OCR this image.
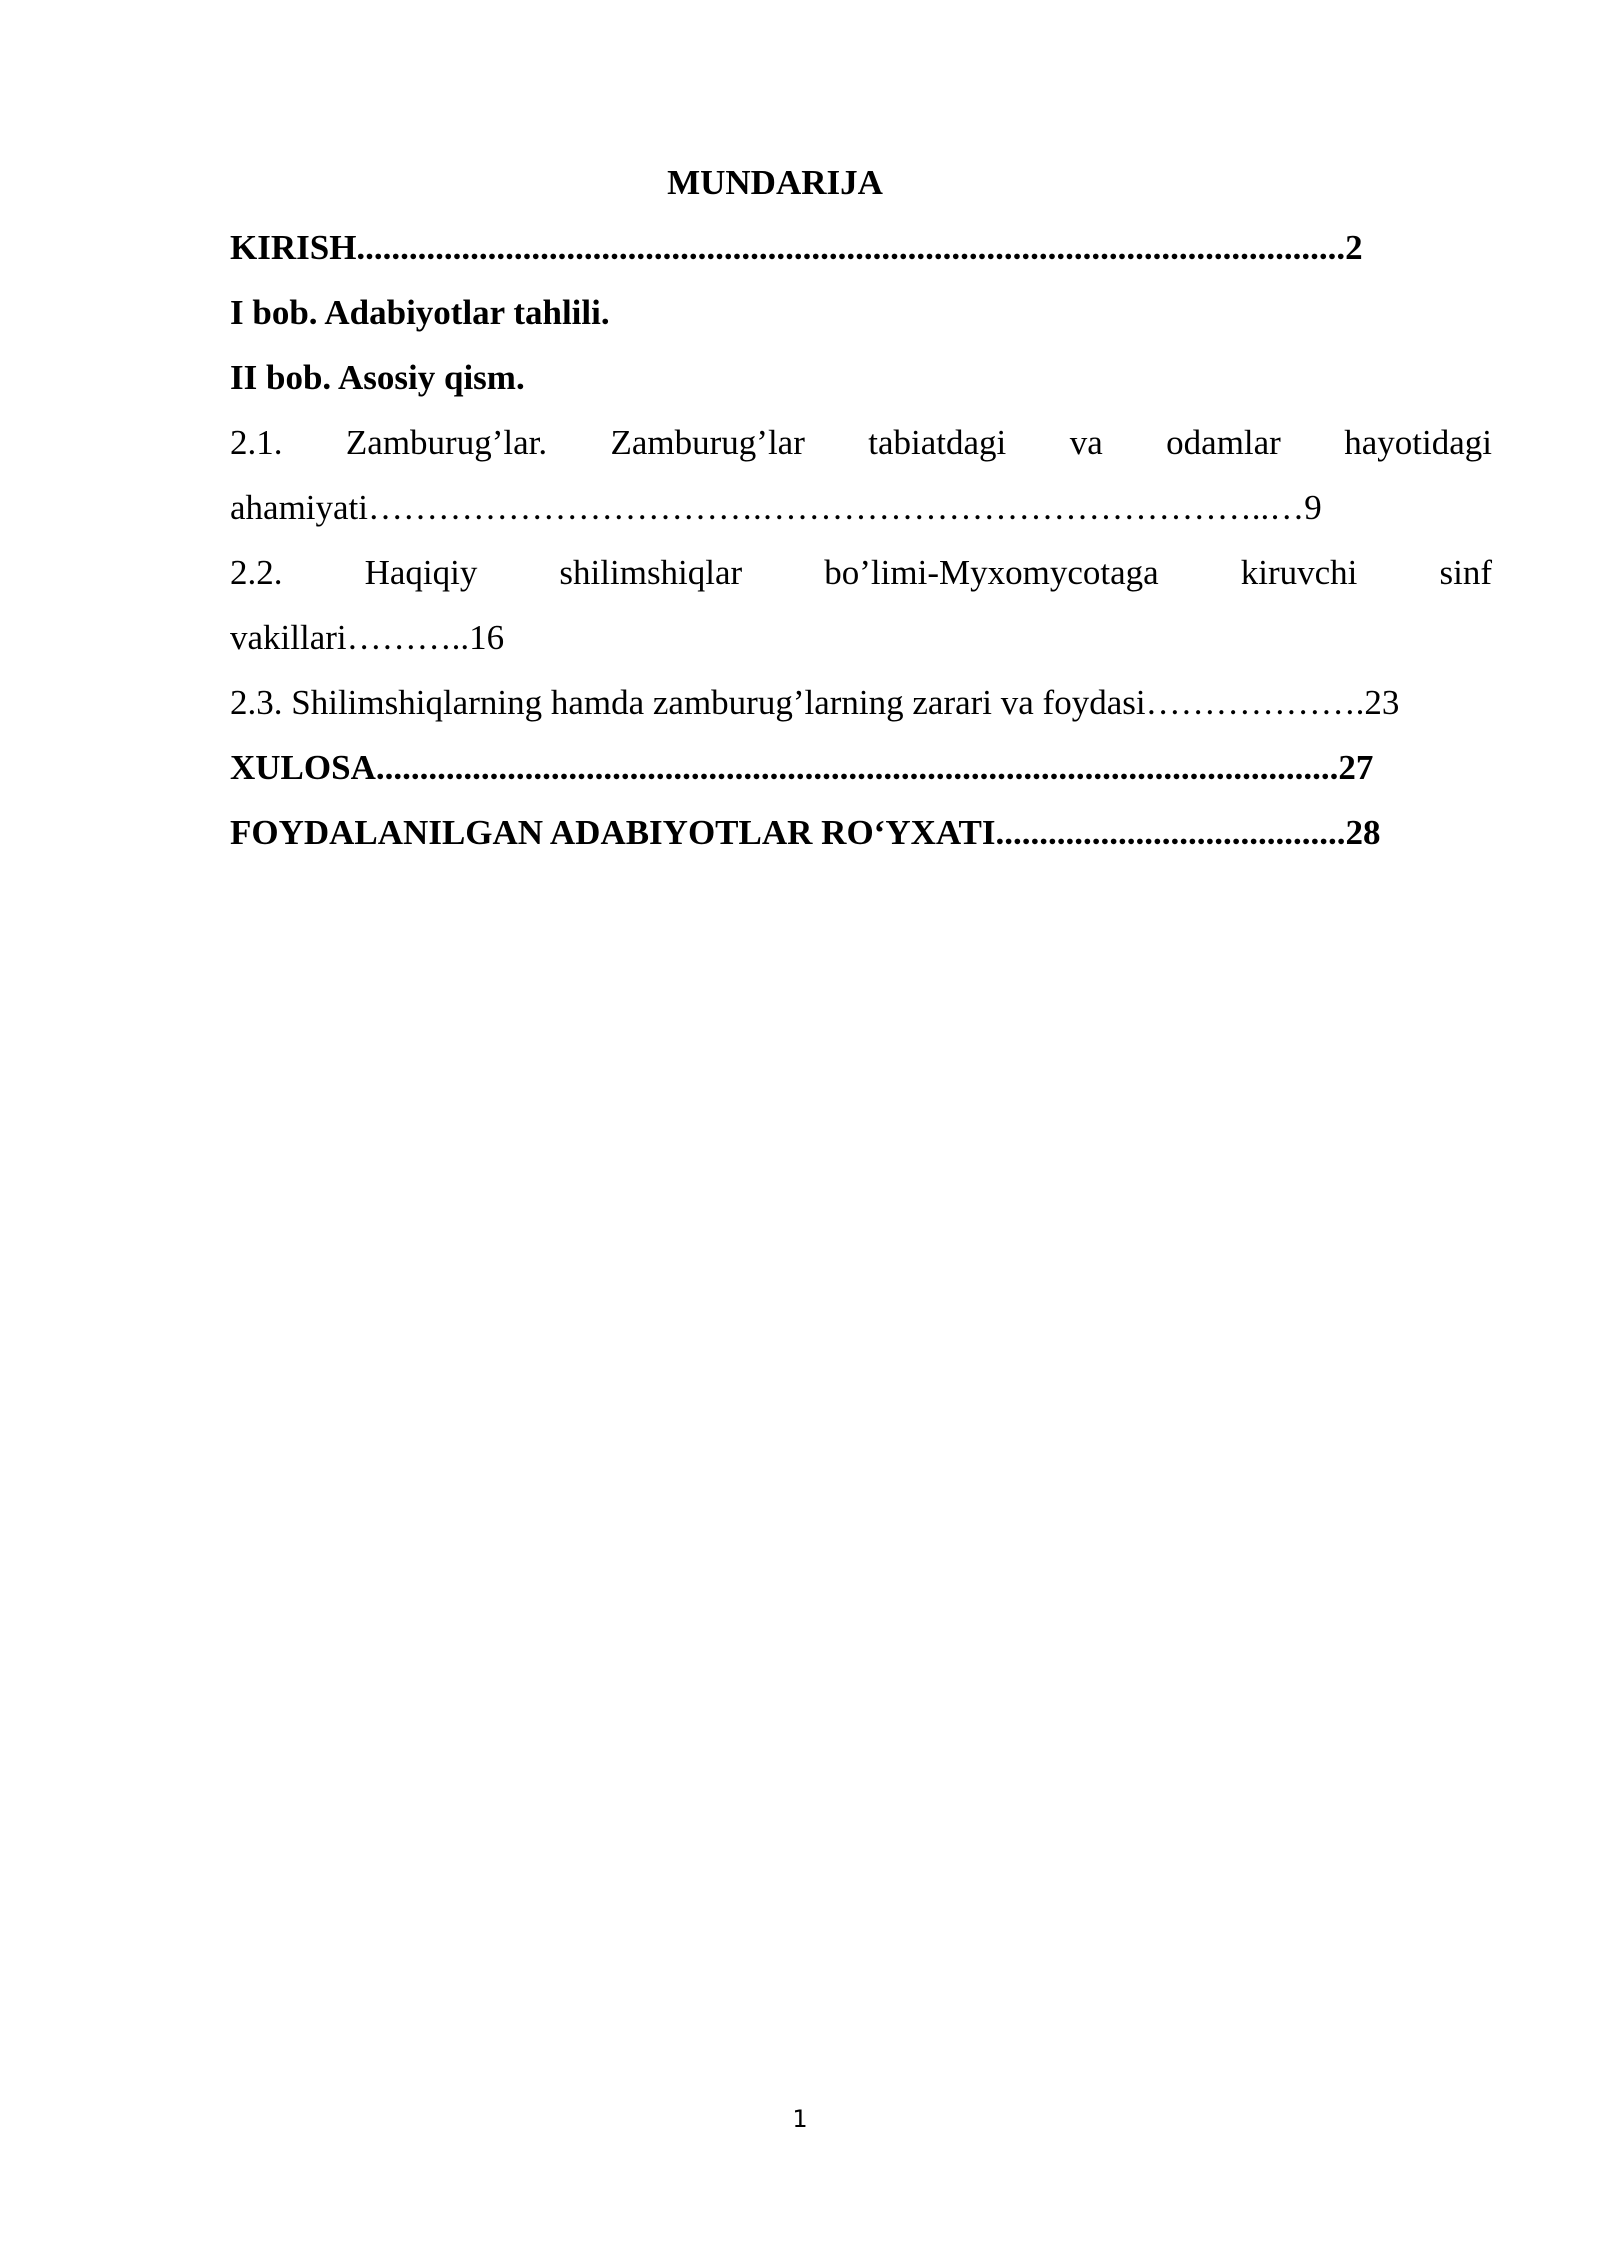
MUNDARIJA
KIRISH.................................................................................................................2
I bob. Adabiyotlar tahlili.
II bob. Asosiy qism.
2.1. Zamburug’lar. Zamburug’lar tabiatdagi va odamlar hayotidagi
ahamiyati…………………………….……………………………………..…9
2.2. Haqiqiy shilimshiqlar bo’limi-Myxomycotaga kiruvchi sinf
vakillari………..16
2.3. Shilimshiqlarning hamda zamburug’larning zarari va foydasi……………….23
XULOSA..............................................................................................................27
FOYDALANILGAN ADABIYOTLAR RO‘YXATI........................................28
1
